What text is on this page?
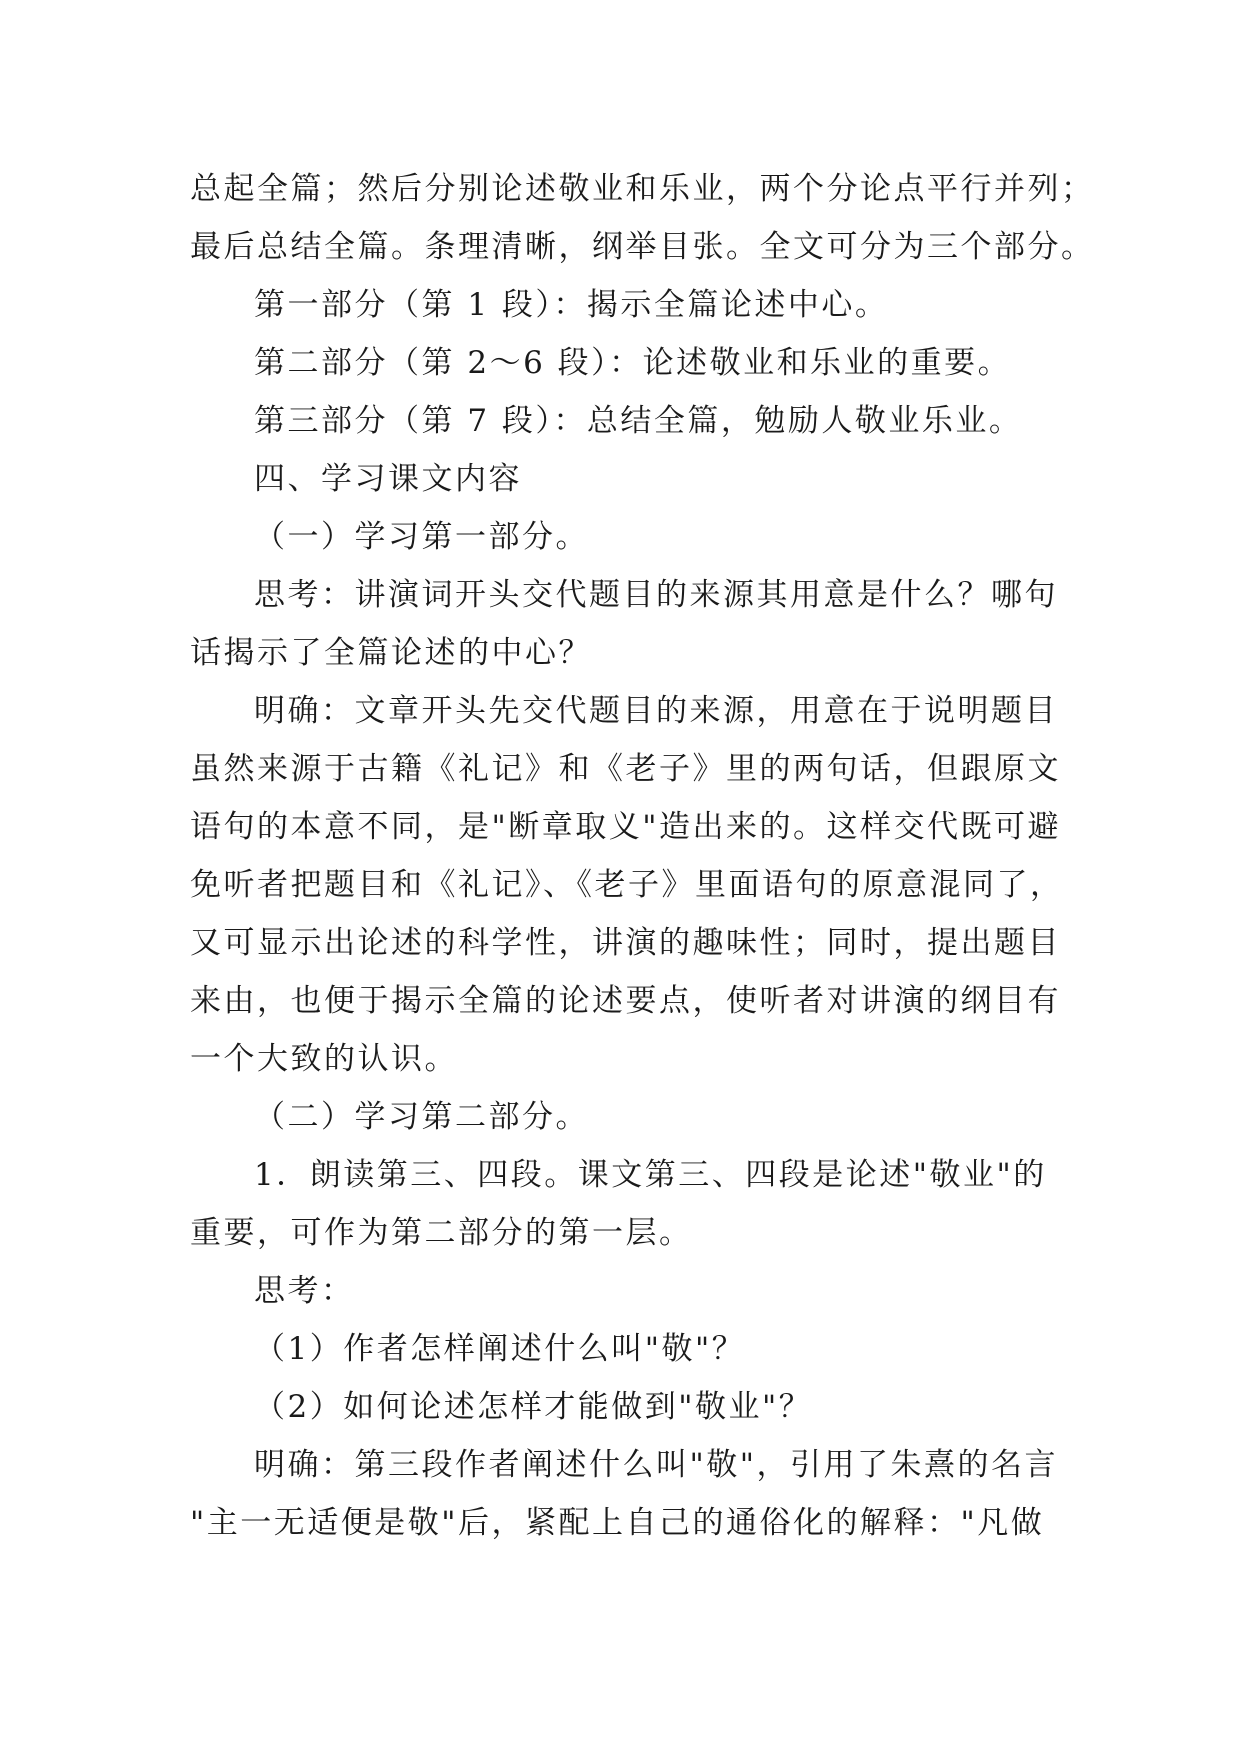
总起全篇；然后分别论述敬业和乐业，两个分论点平行并列；
最后总结全篇。条理清晰，纲举目张。全文可分为三个部分。
第一部分（第 1 段）：揭示全篇论述中心。
第二部分（第 2～6 段）：论述敬业和乐业的重要。
第三部分（第 7 段）：总结全篇，勉励人敬业乐业。
四、学习课文内容
（一）学习第一部分。
思考：讲演词开头交代题目的来源其用意是什么？哪句
话揭示了全篇论述的中心？
明确：文章开头先交代题目的来源，用意在于说明题目
虽然来源于古籍《礼记》和《老子》里的两句话，但跟原文
语句的本意不同，是"断章取义"造出来的。这样交代既可避
免听者把题目和《礼记》、《老子》里面语句的原意混同了，
又可显示出论述的科学性，讲演的趣味性；同时，提出题目
来由，也便于揭示全篇的论述要点，使听者对讲演的纲目有
一个大致的认识。
（二）学习第二部分。
1．朗读第三、四段。课文第三、四段是论述"敬业"的
重要，可作为第二部分的第一层。
思考：
（1）作者怎样阐述什么叫"敬"？
（2）如何论述怎样才能做到"敬业"？
明确：第三段作者阐述什么叫"敬"，引用了朱熹的名言
"主一无适便是敬"后，紧配上自己的通俗化的解释："凡做
